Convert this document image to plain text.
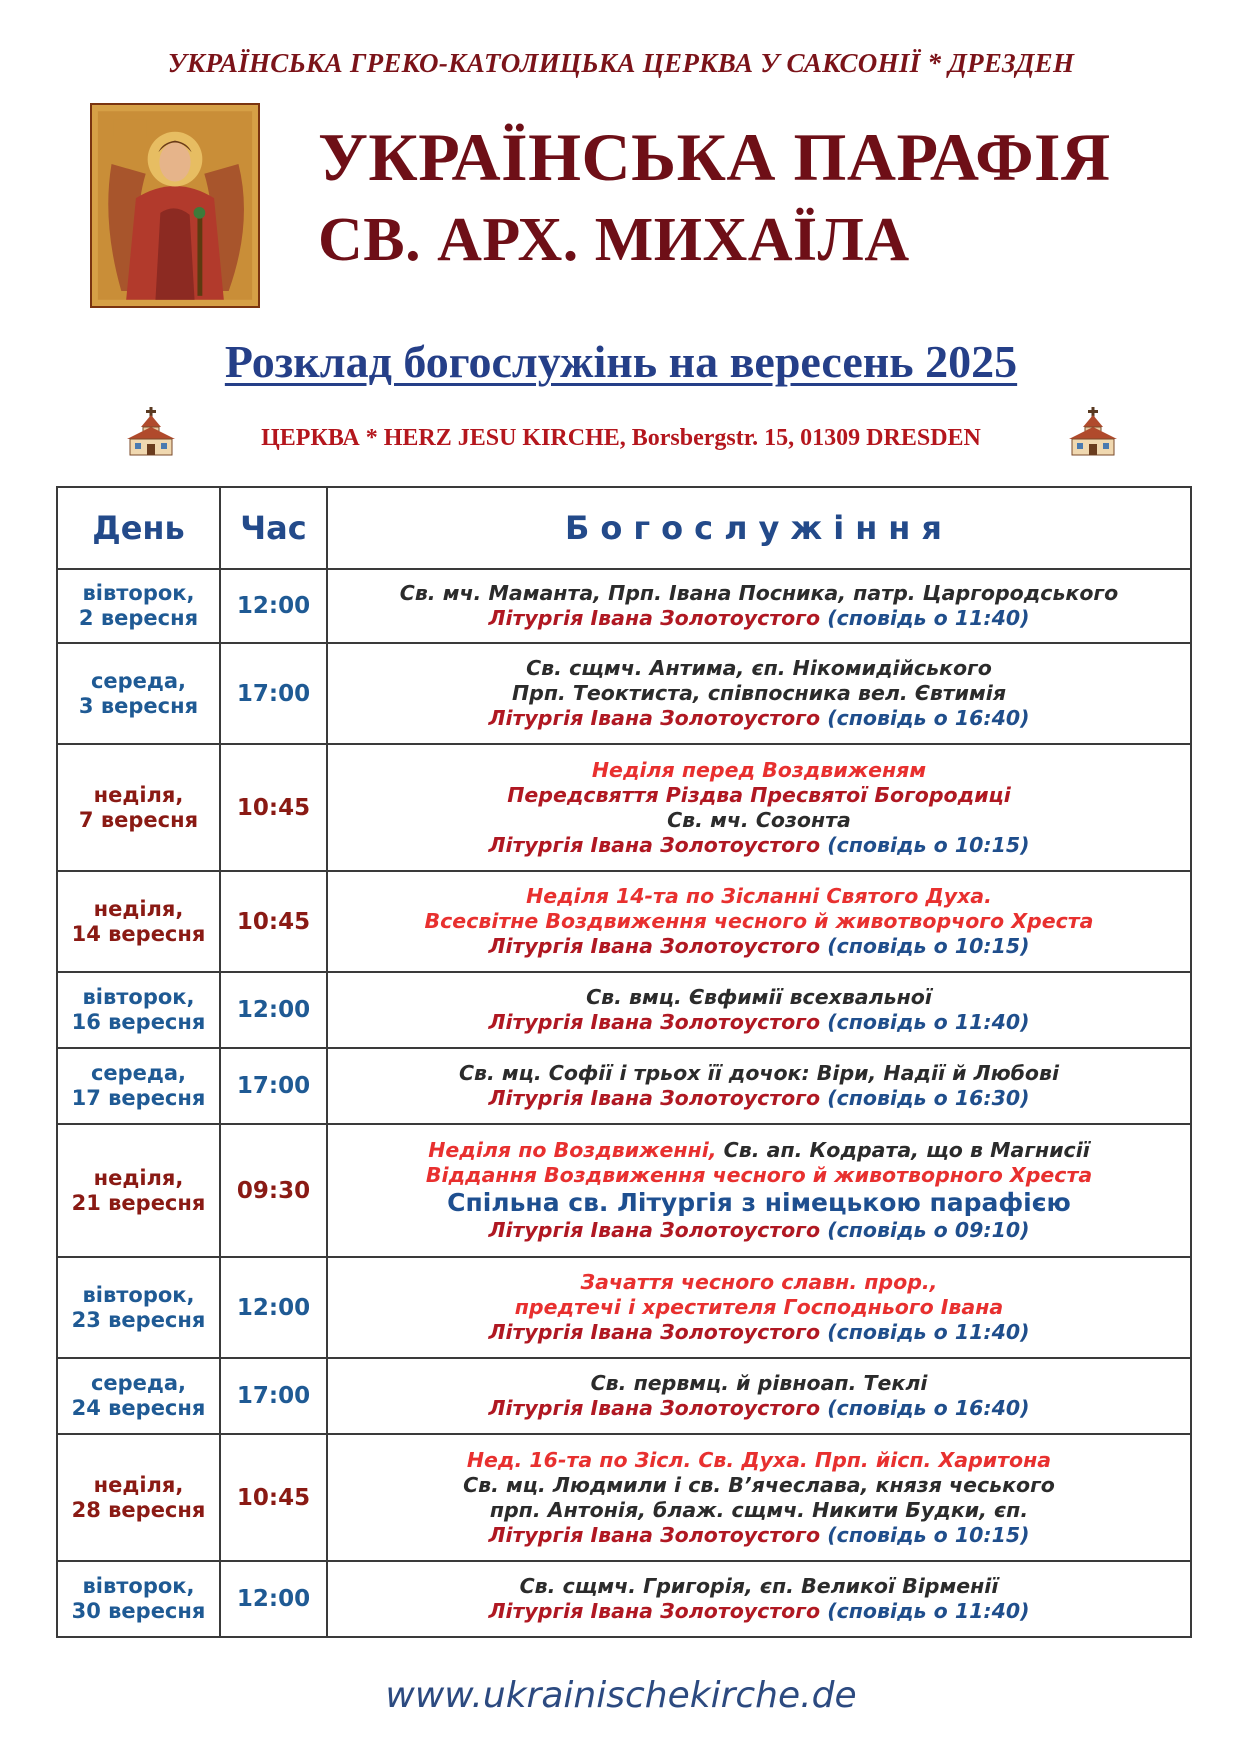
УКРАЇНСЬКА ГРЕКО-КАТОЛИЦЬКА ЦЕРКВА У САКСОНІЇ * ДРЕЗДЕН
УКРАЇНСЬКА ПАРАФІЯ
СВ. АРХ. МИХАЇЛА
Розклад богослужінь на вересень 2025
ЦЕРКВА * HERZ JESU KIRCHE, Borsbergstr. 15, 01309 DRESDEN
День	Час	Богослужіння

вівторок,
2 вересня	12:00	Св. мч. Маманта, Прп. Івана Посника, патр. Царгородського
Літургія Івана Золотоустого (сповідь о 11:40)

середа,
3 вересня	17:00	Св. сщмч. Антима, єп. Нікомидійського
Прп. Теоктиста, співпосника вел. Євтимія
Літургія Івана Золотоустого (сповідь о 16:40)

неділя,
7 вересня	10:45	Неділя перед Воздвиженям
Передсвяття Різдва Пресвятої Богородиці
Св. мч. Созонта
Літургія Івана Золотоустого (сповідь о 10:15)

неділя,
14 вересня	10:45	Неділя 14-та по Зісланні Святого Духа.
Всесвітне Воздвиження чесного й животворчого Хреста
Літургія Івана Золотоустого (сповідь о 10:15)

вівторок,
16 вересня	12:00	Св. вмц. Євфимії всехвальної
Літургія Івана Золотоустого (сповідь о 11:40)

середа,
17 вересня	17:00	Св. мц. Софії і трьох її дочок: Віри, Надії й Любові
Літургія Івана Золотоустого (сповідь о 16:30)

неділя,
21 вересня	09:30	Неділя по Воздвиженні, Св. ап. Кодрата, що в Магнисії
Віддання Воздвиження чесного й животворного Хреста
Спільна св. Літургія з німецькою парафією
Літургія Івана Золотоустого (сповідь о 09:10)

вівторок,
23 вересня	12:00	Зачаття чесного славн. прор.,
предтечі і хрестителя Господнього Івана
Літургія Івана Золотоустого (сповідь о 11:40)

середа,
24 вересня	17:00	Св. первмц. й рівноап. Теклі
Літургія Івана Золотоустого (сповідь о 16:40)

неділя,
28 вересня	10:45	Нед. 16-та по Зісл. Св. Духа. Прп. йісп. Харитона
Св. мц. Людмили і св. В’ячеслава, князя чеського
прп. Антонія, блаж. сщмч. Никити Будки, єп.
Літургія Івана Золотоустого (сповідь о 10:15)

вівторок,
30 вересня	12:00	Св. сщмч. Григорія, єп. Великої Вірменії
Літургія Івана Золотоустого (сповідь о 11:40)
www.ukrainischekirche.de
